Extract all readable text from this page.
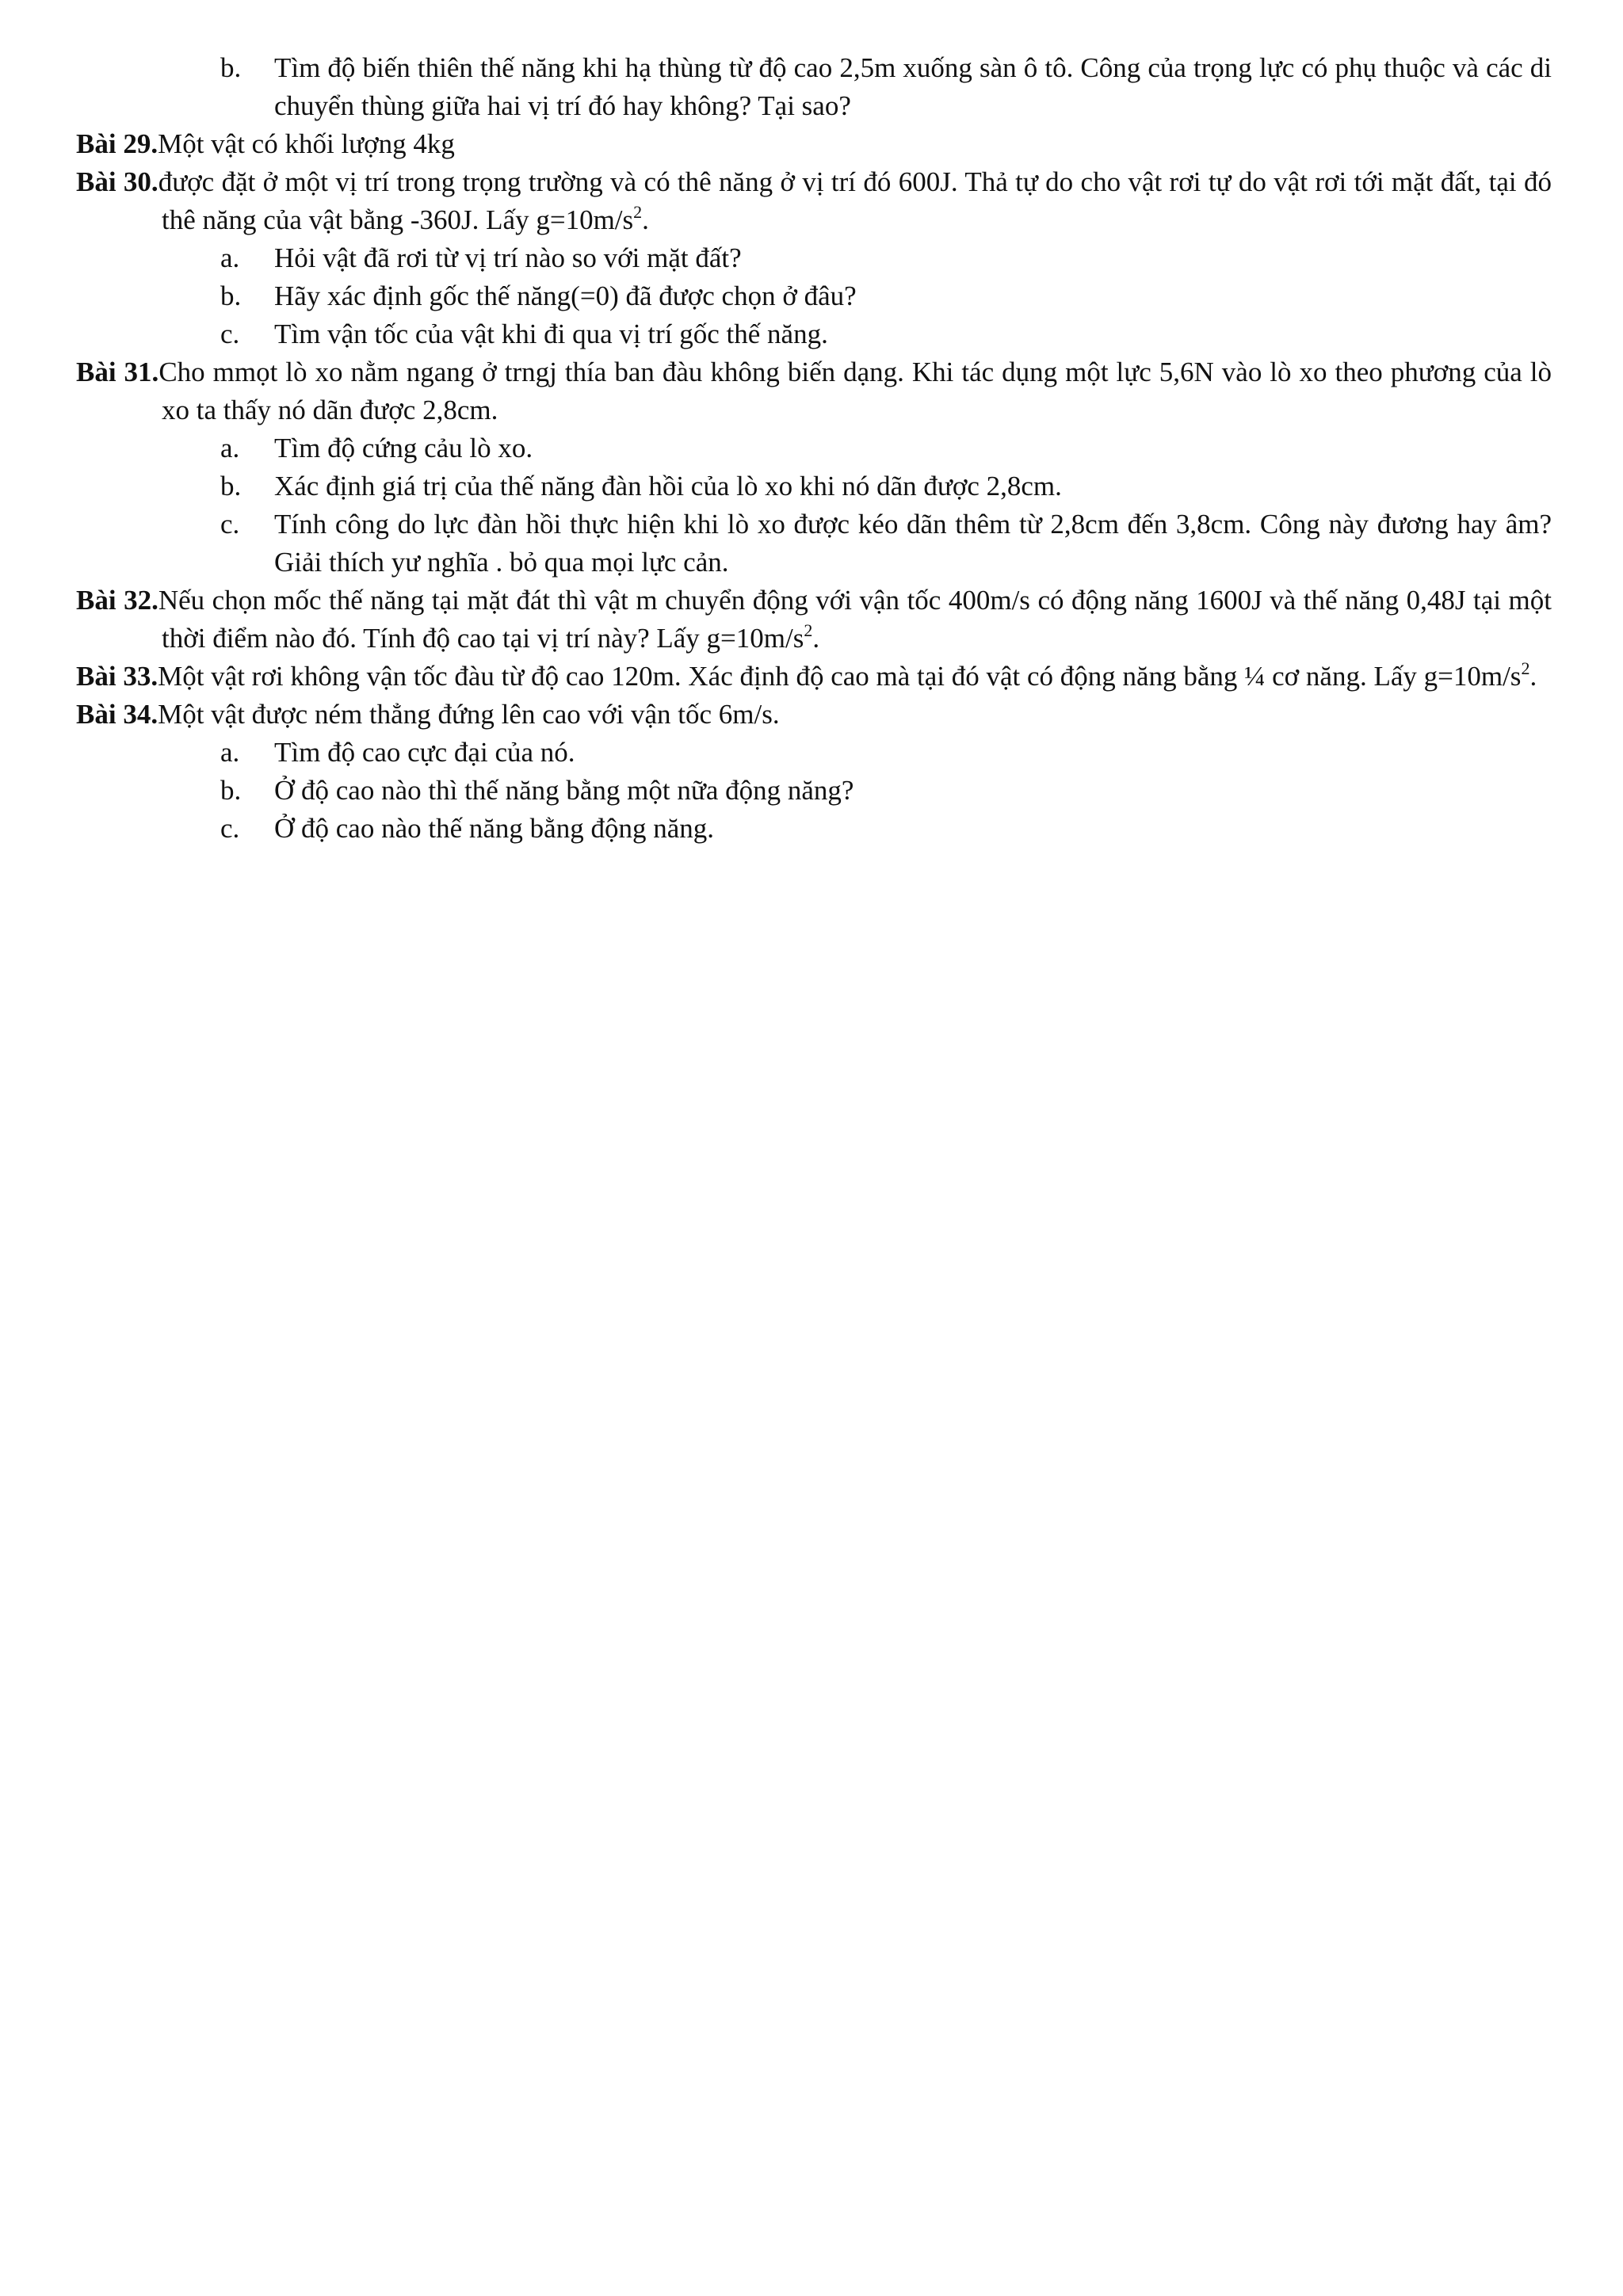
b. Tìm độ biến thiên thế năng khi hạ thùng từ độ cao 2,5m xuống sàn ô tô. Công của trọng lực có phụ thuộc và các di chuyển thùng giữa hai vị trí đó hay không? Tại sao?
Bài 29.Một vật có khối lượng 4kg
Bài 30.được đặt ở một vị trí trong trọng trường và có thê năng ở vị trí đó 600J. Thả tự do cho vật rơi tự do vật rơi tới mặt đất, tại đó thê năng của vật bằng -360J. Lấy $g=10m/s^2$.
a. Hỏi vật đã rơi từ vị trí nào so với mặt đất?
b. Hãy xác định gốc thế năng(=0) đã được chọn ở đâu?
c. Tìm vận tốc của vật khi đi qua vị trí gốc thế năng.
Bài 31.Cho mmọt lò xo nằm ngang ở trngj thía ban đàu không biến dạng. Khi tác dụng một lực 5,6N vào lò xo theo phương của lò xo ta thấy nó dãn được 2,8cm.
a. Tìm độ cứng cảu lò xo.
b. Xác định giá trị của thế năng đàn hồi của lò xo khi nó dãn được 2,8cm.
c. Tính công do lực đàn hồi thực hiện khi lò xo được kéo dãn thêm từ 2,8cm đến 3,8cm. Công này đương hay âm? Giải thích yư nghĩa . bỏ qua mọi lực cản.
Bài 32.Nếu chọn mốc thế năng tại mặt đát thì vật m chuyển động với vận tốc 400m/s có động năng 1600J và thế năng 0,48J tại một thời điểm nào đó. Tính độ cao tại vị trí này? Lấy $g=10m/s^2$.
Bài 33.Một vật rơi không vận tốc đàu từ độ cao 120m. Xác định độ cao mà tại đó vật có động năng bằng ¼ cơ năng. Lấy $g=10m/s^2$.
Bài 34.Một vật được ném thẳng đứng lên cao với vận tốc 6m/s.
a. Tìm độ cao cực đại của nó.
b. Ở độ cao nào thì thế năng bằng một nữa động năng?
c. Ở độ cao nào thế năng bằng động năng.
